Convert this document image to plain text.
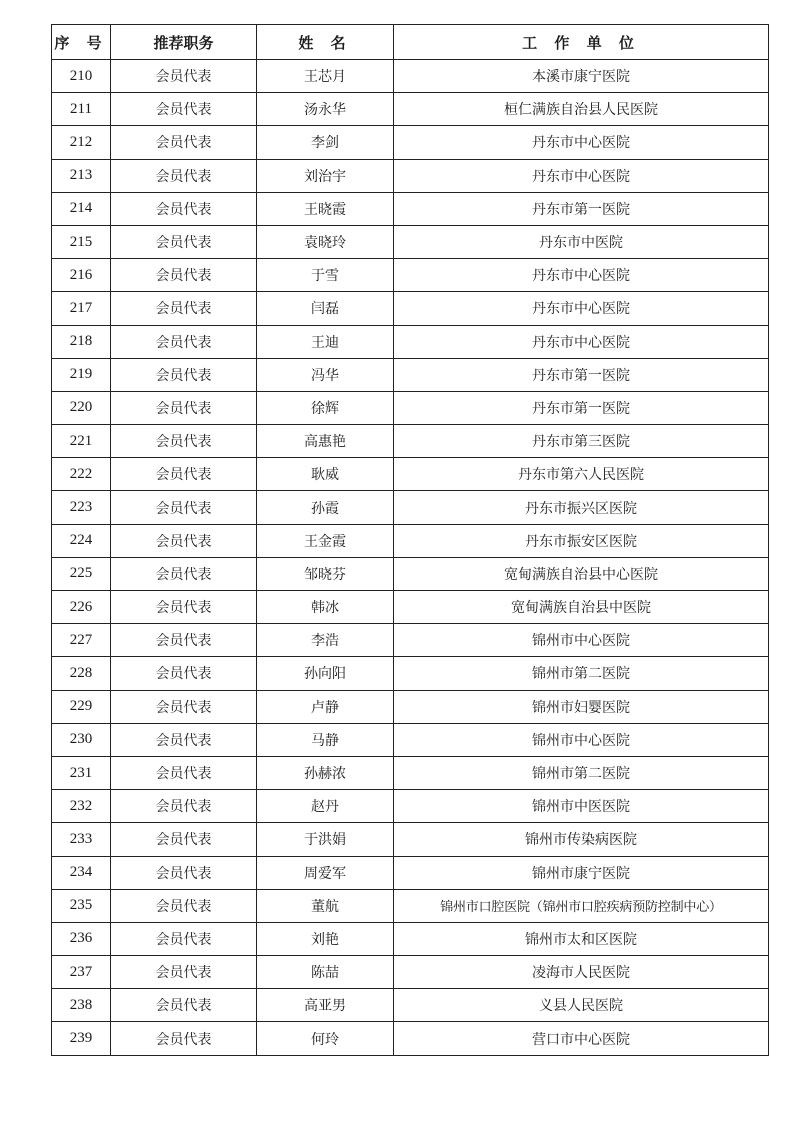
序 号	推荐职务	姓 名	工 作 单 位
210	会员代表	王芯月	本溪市康宁医院
211	会员代表	汤永华	桓仁满族自治县人民医院
212	会员代表	李剑	丹东市中心医院
213	会员代表	刘治宇	丹东市中心医院
214	会员代表	王晓霞	丹东市第一医院
215	会员代表	袁晓玲	丹东市中医院
216	会员代表	于雪	丹东市中心医院
217	会员代表	闫磊	丹东市中心医院
218	会员代表	王迪	丹东市中心医院
219	会员代表	冯华	丹东市第一医院
220	会员代表	徐辉	丹东市第一医院
221	会员代表	高惠艳	丹东市第三医院
222	会员代表	耿威	丹东市第六人民医院
223	会员代表	孙霞	丹东市振兴区医院
224	会员代表	王金霞	丹东市振安区医院
225	会员代表	邹晓芬	宽甸满族自治县中心医院
226	会员代表	韩冰	宽甸满族自治县中医院
227	会员代表	李浩	锦州市中心医院
228	会员代表	孙向阳	锦州市第二医院
229	会员代表	卢静	锦州市妇婴医院
230	会员代表	马静	锦州市中心医院
231	会员代表	孙赫浓	锦州市第二医院
232	会员代表	赵丹	锦州市中医医院
233	会员代表	于洪娟	锦州市传染病医院
234	会员代表	周爱军	锦州市康宁医院
235	会员代表	董航	锦州市口腔医院（锦州市口腔疾病预防控制中心）
236	会员代表	刘艳	锦州市太和区医院
237	会员代表	陈喆	凌海市人民医院
238	会员代表	高亚男	义县人民医院
239	会员代表	何玲	营口市中心医院
